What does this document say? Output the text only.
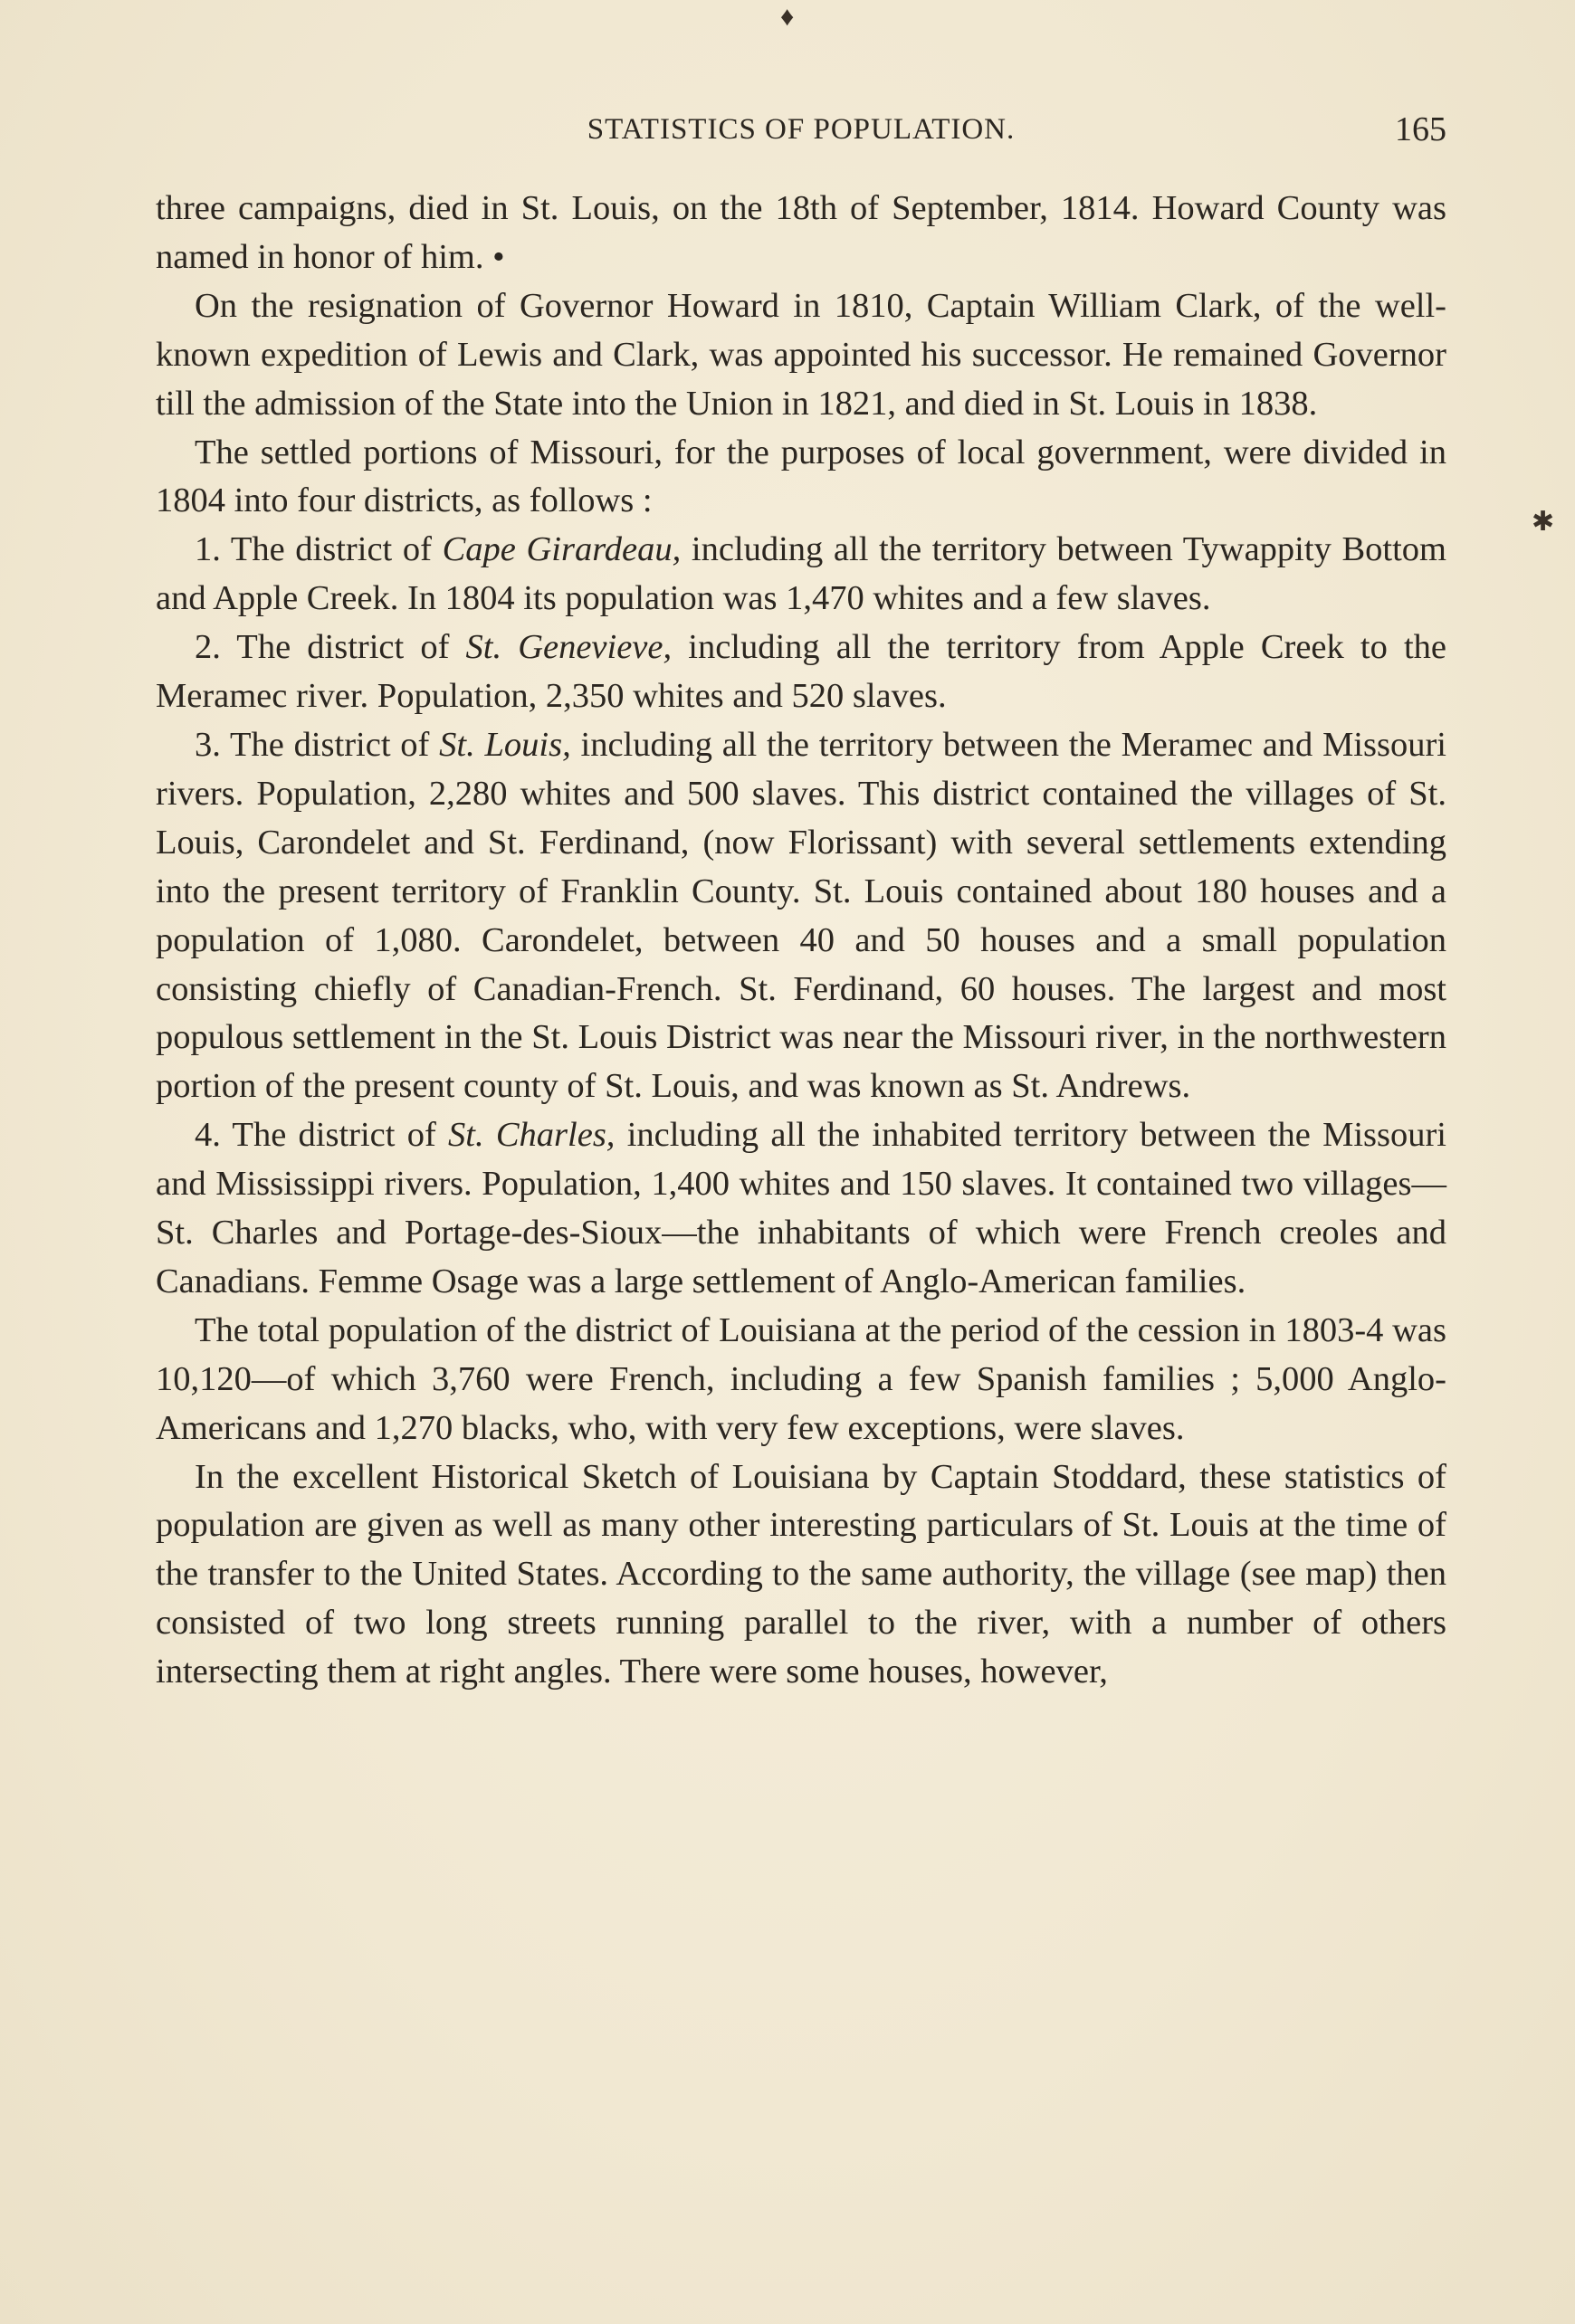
♦
✱
STATISTICS OF POPULATION.	165

three campaigns, died in St. Louis, on the 18th of September, 1814. Howard County was named in honor of him. •

On the resignation of Governor Howard in 1810, Captain William Clark, of the well-known expedition of Lewis and Clark, was appointed his successor. He remained Governor till the admission of the State into the Union in 1821, and died in St. Louis in 1838.

The settled portions of Missouri, for the purposes of local government, were divided in 1804 into four districts, as follows :

1. The district of Cape Girardeau, including all the territory between Tywappity Bottom and Apple Creek. In 1804 its population was 1,470 whites and a few slaves.

2. The district of St. Genevieve, including all the territory from Apple Creek to the Meramec river. Population, 2,350 whites and 520 slaves.

3. The district of St. Louis, including all the territory between the Meramec and Missouri rivers. Population, 2,280 whites and 500 slaves. This district contained the villages of St. Louis, Carondelet and St. Ferdinand, (now Florissant) with several settlements extending into the present territory of Franklin County. St. Louis contained about 180 houses and a population of 1,080. Carondelet, between 40 and 50 houses and a small population consisting chiefly of Canadian-French. St. Ferdinand, 60 houses. The largest and most populous settlement in the St. Louis District was near the Missouri river, in the northwestern portion of the present county of St. Louis, and was known as St. Andrews.

4. The district of St. Charles, including all the inhabited territory between the Missouri and Mississippi rivers. Population, 1,400 whites and 150 slaves. It contained two villages—St. Charles and Portage-des-Sioux—the inhabitants of which were French creoles and Canadians. Femme Osage was a large settlement of Anglo-American families.

The total population of the district of Louisiana at the period of the cession in 1803-4 was 10,120—of which 3,760 were French, including a few Spanish families ; 5,000 Anglo-Americans and 1,270 blacks, who, with very few exceptions, were slaves.

In the excellent Historical Sketch of Louisiana by Captain Stoddard, these statistics of population are given as well as many other interesting particulars of St. Louis at the time of the transfer to the United States. According to the same authority, the village (see map) then consisted of two long streets running parallel to the river, with a number of others intersecting them at right angles. There were some houses, however,
